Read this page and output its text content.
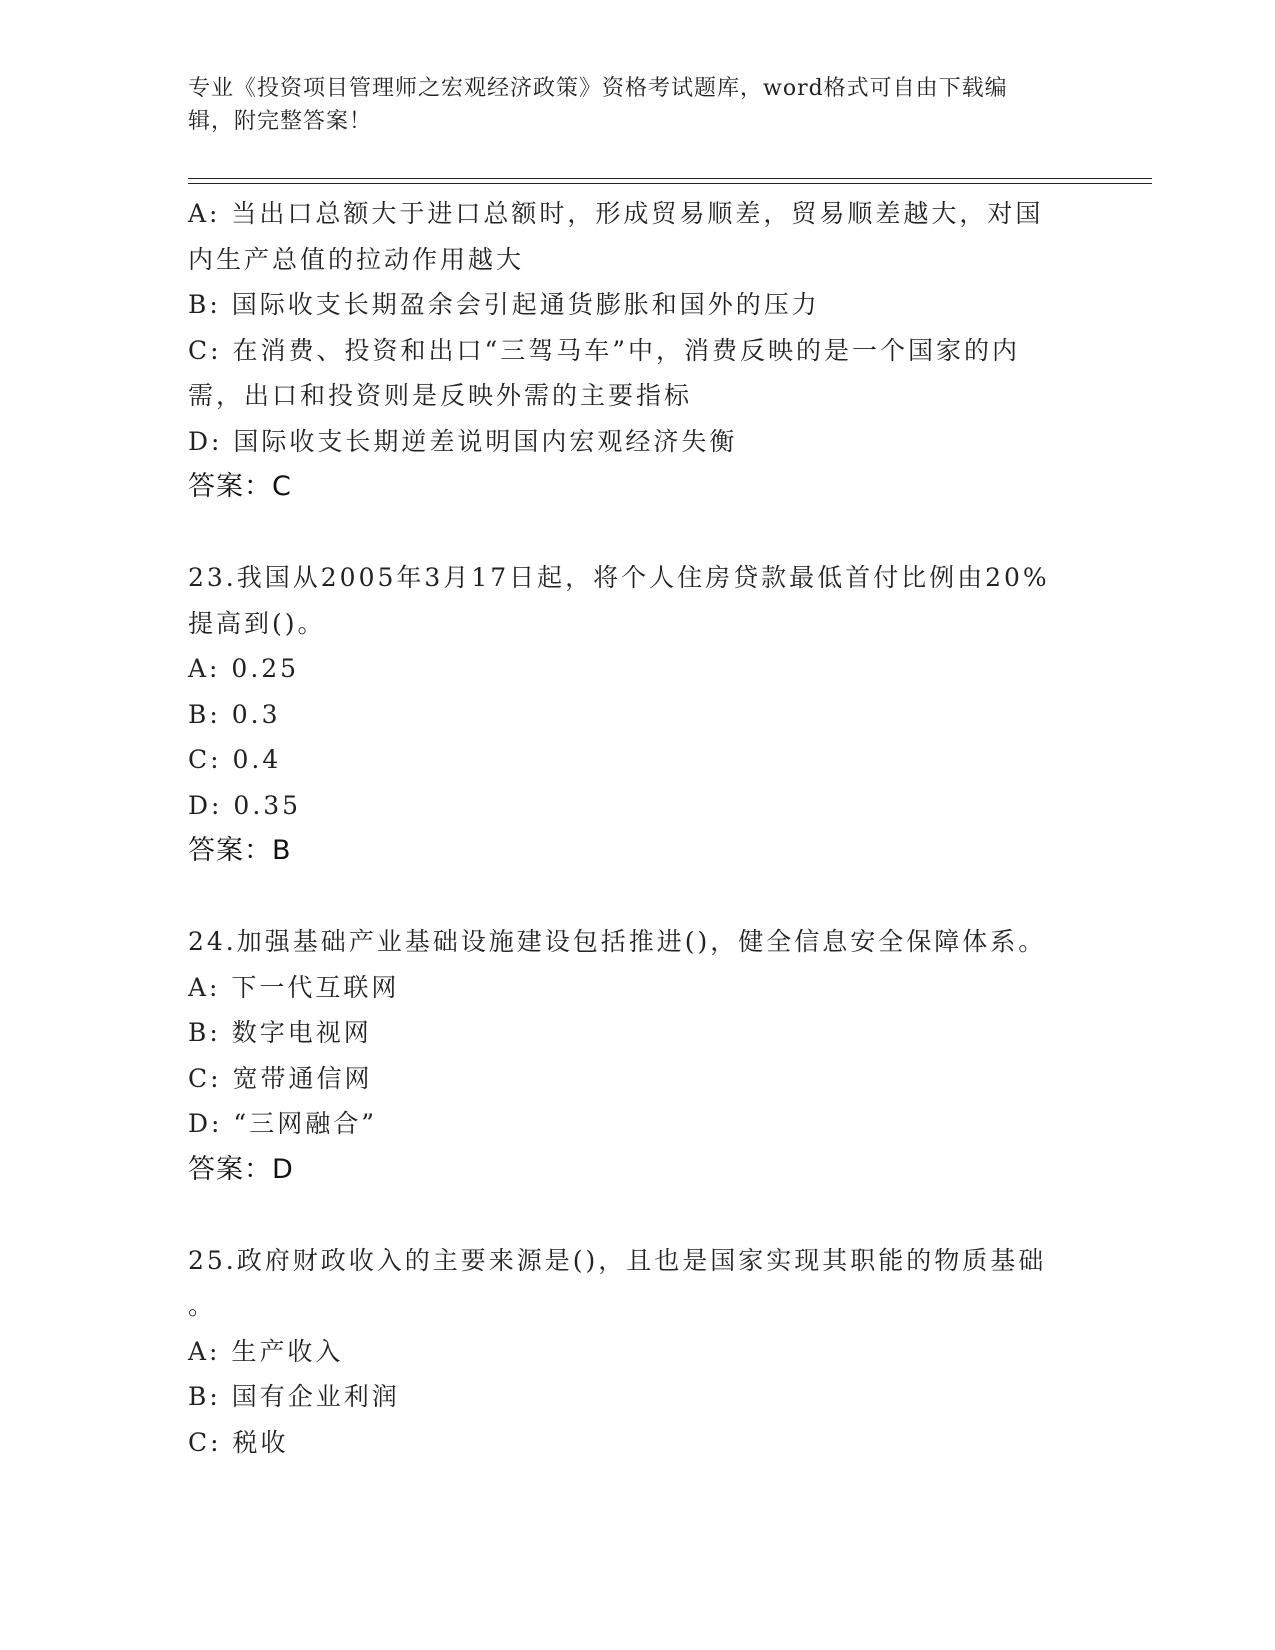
专业《投资项目管理师之宏观经济政策》资格考试题库，word格式可自由下载编
辑，附完整答案！
A: 当出口总额大于进口总额时，形成贸易顺差，贸易顺差越大，对国
内生产总值的拉动作用越大
B: 国际收支长期盈余会引起通货膨胀和国外的压力
C: 在消费、投资和出口“三驾马车”中，消费反映的是一个国家的内
需，出口和投资则是反映外需的主要指标
D: 国际收支长期逆差说明国内宏观经济失衡
答案：C
23.我国从2005年3月17日起，将个人住房贷款最低首付比例由20%
提高到()。
A: 0.25
B: 0.3
C: 0.4
D: 0.35
答案：B
24.加强基础产业基础设施建设包括推进()，健全信息安全保障体系。
A: 下一代互联网
B: 数字电视网
C: 宽带通信网
D: “三网融合”
答案：D
25.政府财政收入的主要来源是()，且也是国家实现其职能的物质基础
。
A: 生产收入
B: 国有企业利润
C: 税收
